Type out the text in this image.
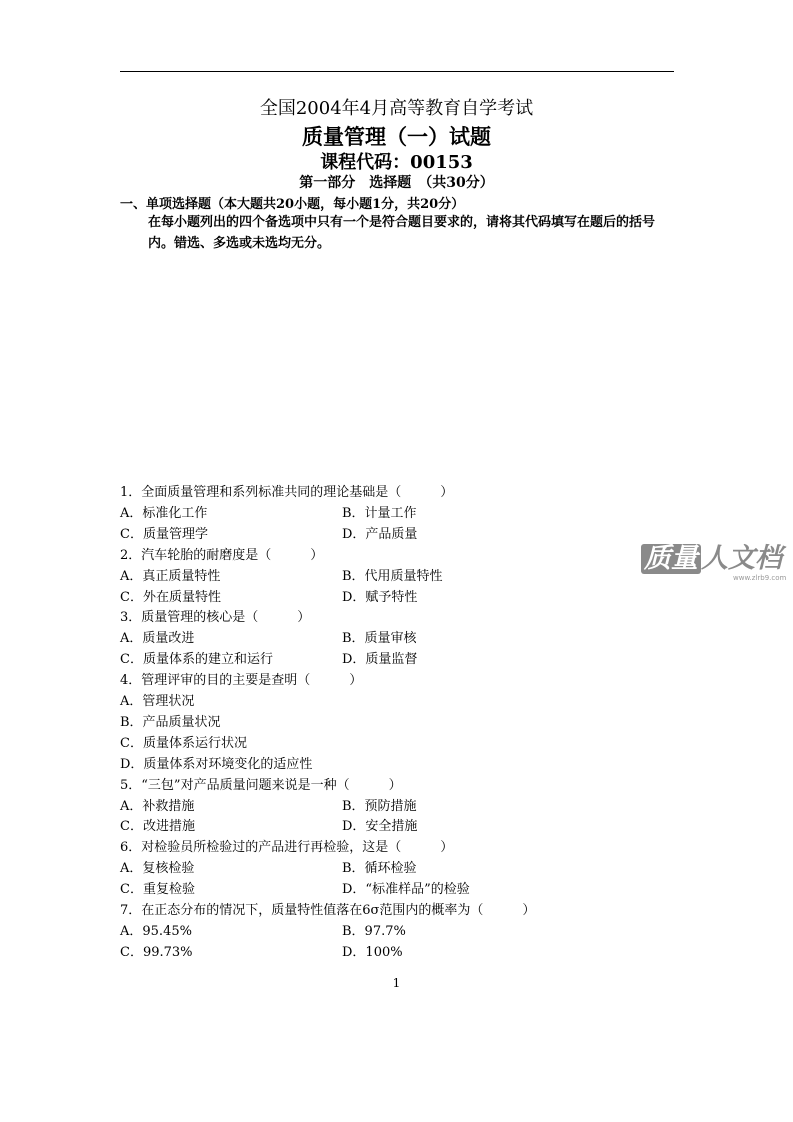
全国2004年4月高等教育自学考试
质量管理（一）试题
课程代码：00153
第一部分　选择题　（共30分）
一、单项选择题（本大题共20小题，每小题1分，共20分）
在每小题列出的四个备选项中只有一个是符合题目要求的，请将其代码填写在题后的括号内。错选、多选或未选均无分。
1．全面质量管理和系列标准共同的理论基础是（　　　）
A．标准化工作	B．计量工作
C．质量管理学	D．产品质量
2．汽车轮胎的耐磨度是（　　　）
A．真正质量特性	B．代用质量特性
C．外在质量特性	D．赋予特性
3．质量管理的核心是（　　　）
A．质量改进	B．质量审核
C．质量体系的建立和运行	D．质量监督
4．管理评审的目的主要是查明（　　　）
A．管理状况
B．产品质量状况
C．质量体系运行状况
D．质量体系对环境变化的适应性
5．“三包”对产品质量问题来说是一种（　　　）
A．补救措施	B．预防措施
C．改进措施	D．安全措施
6．对检验员所检验过的产品进行再检验，这是（　　　）
A．复核检验	B．循环检验
C．重复检验	D．“标准样品”的检验
7．在正态分布的情况下，质量特性值落在6σ范围内的概率为（　　　）
A．95.45%	B．97.7%
C．99.73%	D．100%
1
质量 人文档
www.zlrb9.com
